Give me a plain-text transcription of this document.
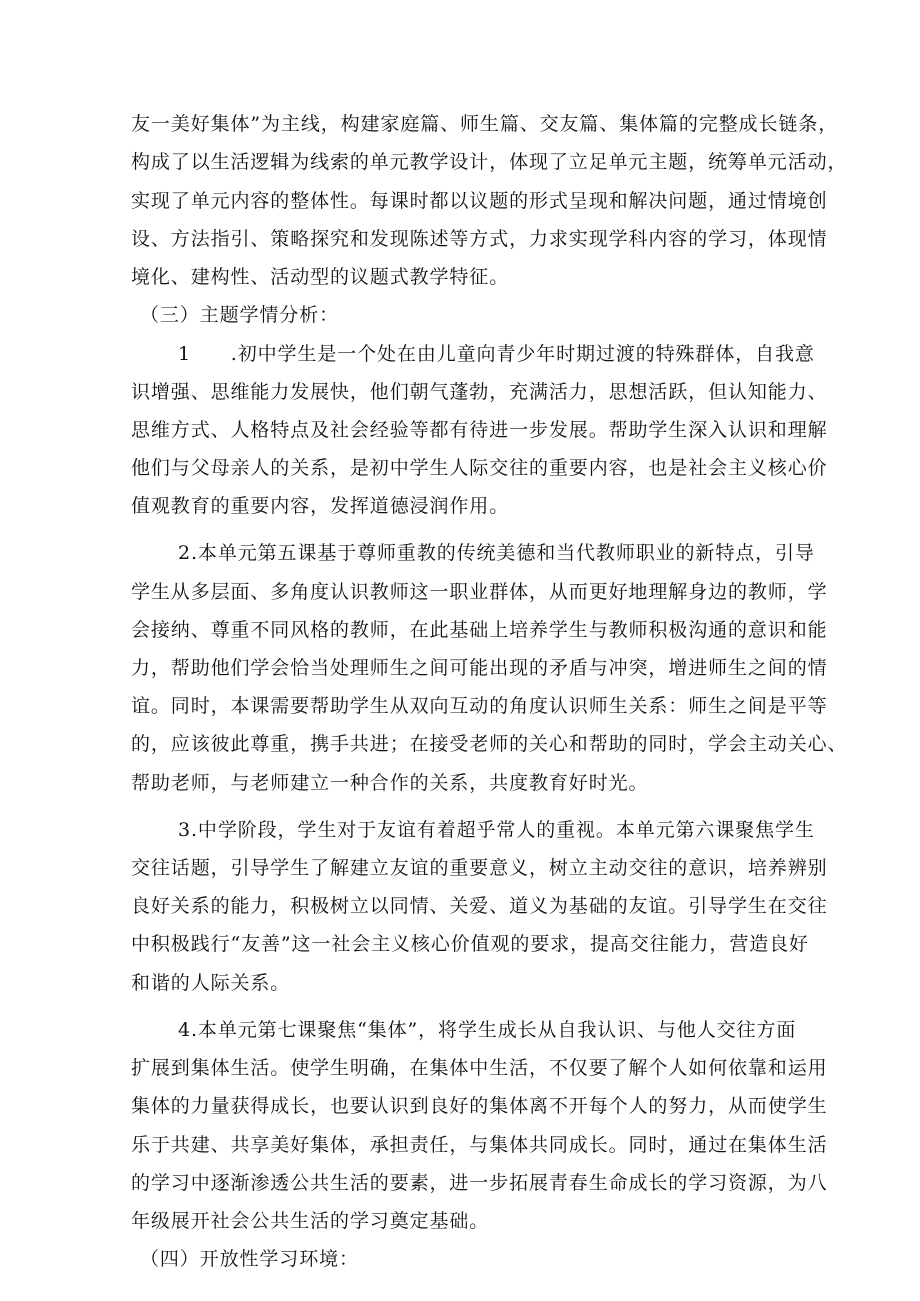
友一美好集体”为主线，构建家庭篇、师生篇、交友篇、集体篇的完整成长链条，
构成了以生活逻辑为线索的单元教学设计，体现了立足单元主题，统筹单元活动，
实现了单元内容的整体性。每课时都以议题的形式呈现和解决问题，通过情境创
设、方法指引、策略探究和发现陈述等方式，力求实现学科内容的学习，体现情
境化、建构性、活动型的议题式教学特征。
（三）主题学情分析：
1　　.初中学生是一个处在由儿童向青少年时期过渡的特殊群体，自我意
识增强、思维能力发展快，他们朝气蓬勃，充满活力，思想活跃，但认知能力、
思维方式、人格特点及社会经验等都有待进一步发展。帮助学生深入认识和理解
他们与父母亲人的关系，是初中学生人际交往的重要内容，也是社会主义核心价
值观教育的重要内容，发挥道德浸润作用。
2.本单元第五课基于尊师重教的传统美德和当代教师职业的新特点，引导
学生从多层面、多角度认识教师这一职业群体，从而更好地理解身边的教师，学
会接纳、尊重不同风格的教师，在此基础上培养学生与教师积极沟通的意识和能
力，帮助他们学会恰当处理师生之间可能出现的矛盾与冲突，增进师生之间的情
谊。同时，本课需要帮助学生从双向互动的角度认识师生关系：师生之间是平等
的，应该彼此尊重，携手共进；在接受老师的关心和帮助的同时，学会主动关心、
帮助老师，与老师建立一种合作的关系，共度教育好时光。
3.中学阶段，学生对于友谊有着超乎常人的重视。本单元第六课聚焦学生
交往话题，引导学生了解建立友谊的重要意义，树立主动交往的意识，培养辨别
良好关系的能力，积极树立以同情、关爱、道义为基础的友谊。引导学生在交往
中积极践行“友善”这一社会主义核心价值观的要求，提高交往能力，营造良好
和谐的人际关系。
4.本单元第七课聚焦“集体”，将学生成长从自我认识、与他人交往方面
扩展到集体生活。使学生明确，在集体中生活，不仅要了解个人如何依靠和运用
集体的力量获得成长，也要认识到良好的集体离不开每个人的努力，从而使学生
乐于共建、共享美好集体，承担责任，与集体共同成长。同时，通过在集体生活
的学习中逐渐渗透公共生活的要素，进一步拓展青春生命成长的学习资源，为八
年级展开社会公共生活的学习奠定基础。
（四）开放性学习环境：
